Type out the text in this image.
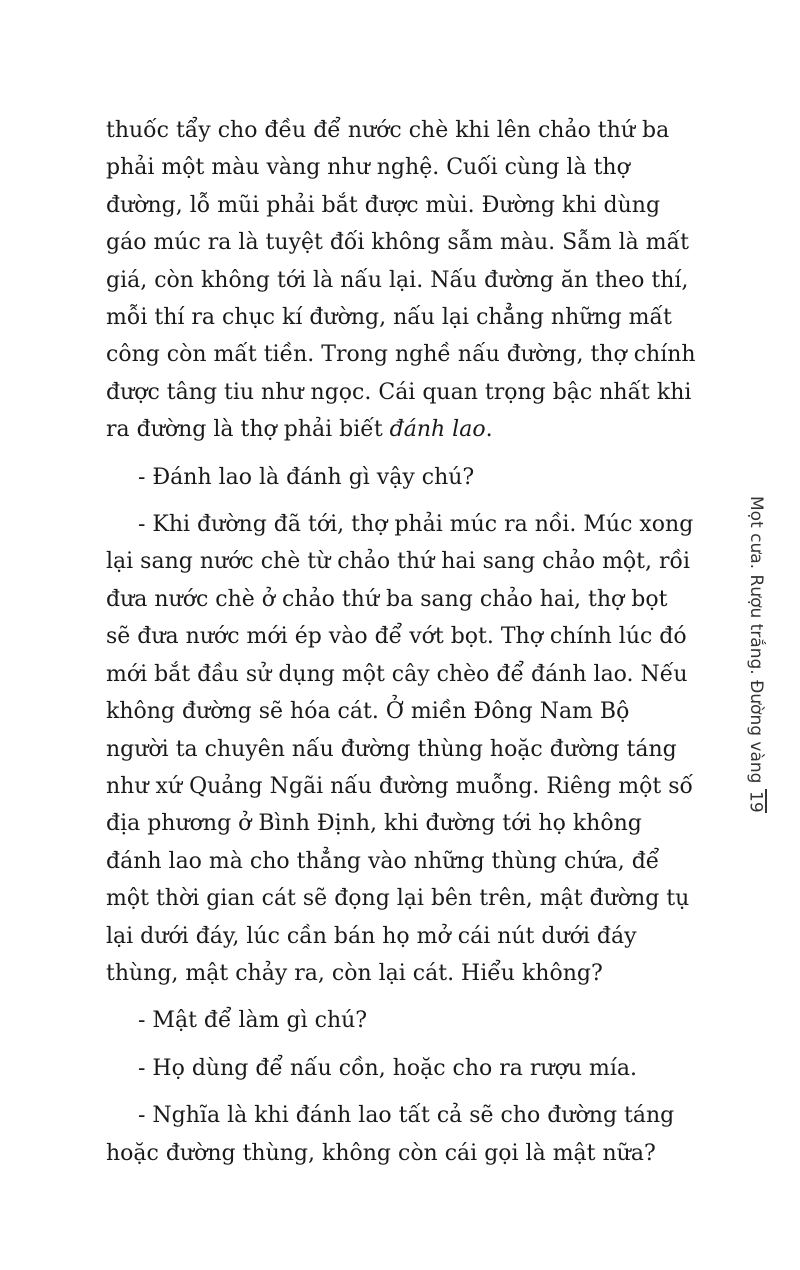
thuốc tẩy cho đều để nước chè khi lên chảo thứ ba phải một màu vàng như nghệ. Cuối cùng là thợ đường, lỗ mũi phải bắt được mùi. Đường khi dùng gáo múc ra là tuyệt đối không sẫm màu. Sẫm là mất giá, còn không tới là nấu lại. Nấu đường ăn theo thí, mỗi thí ra chục kí đường, nấu lại chẳng những mất công còn mất tiền. Trong nghề nấu đường, thợ chính được tâng tiu như ngọc. Cái quan trọng bậc nhất khi ra đường là thợ phải biết đánh lao.

- Đánh lao là đánh gì vậy chú?

- Khi đường đã tới, thợ phải múc ra nồi. Múc xong lại sang nước chè từ chảo thứ hai sang chảo một, rồi đưa nước chè ở chảo thứ ba sang chảo hai, thợ bọt sẽ đưa nước mới ép vào để vớt bọt. Thợ chính lúc đó mới bắt đầu sử dụng một cây chèo để đánh lao. Nếu không đường sẽ hóa cát. Ở miền Đông Nam Bộ người ta chuyên nấu đường thùng hoặc đường táng như xứ Quảng Ngãi nấu đường muỗng. Riêng một số địa phương ở Bình Định, khi đường tới họ không đánh lao mà cho thẳng vào những thùng chứa, để một thời gian cát sẽ đọng lại bên trên, mật đường tụ lại dưới đáy, lúc cần bán họ mở cái nút dưới đáy thùng, mật chảy ra, còn lại cát. Hiểu không?

- Mật để làm gì chú?

- Họ dùng để nấu cồn, hoặc cho ra rượu mía.

- Nghĩa là khi đánh lao tất cả sẽ cho đường táng hoặc đường thùng, không còn cái gọi là mật nữa?

Mọt cưa. Rượu trắng. Đường vàng
19
